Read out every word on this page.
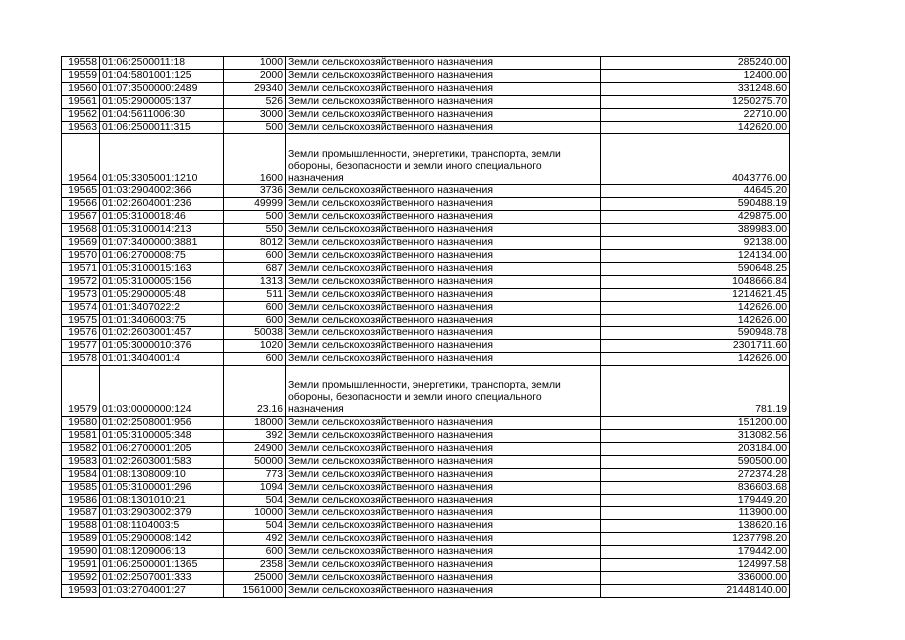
19558	01:06:2500011:18	1000	Земли сельскохозяйственного назначения	285240.00
19559	01:04:5801001:125	2000	Земли сельскохозяйственного назначения	12400.00
19560	01:07:3500000:2489	29340	Земли сельскохозяйственного назначения	331248.60
19561	01:05:2900005:137	526	Земли сельскохозяйственного назначения	1250275.70
19562	01:04:5611006:30	3000	Земли сельскохозяйственного назначения	22710.00
19563	01:06:2500011:315	500	Земли сельскохозяйственного назначения	142620.00
19564	01:05:3305001:1210	1600	Земли промышленности, энергетики, транспорта, земли обороны, безопасности и земли иного специального назначения	4043776.00
19565	01:03:2904002:366	3736	Земли сельскохозяйственного назначения	44645.20
19566	01:02:2604001:236	49999	Земли сельскохозяйственного назначения	590488.19
19567	01:05:3100018:46	500	Земли сельскохозяйственного назначения	429875.00
19568	01:05:3100014:213	550	Земли сельскохозяйственного назначения	389983.00
19569	01:07:3400000:3881	8012	Земли сельскохозяйственного назначения	92138.00
19570	01:06:2700008:75	600	Земли сельскохозяйственного назначения	124134.00
19571	01:05:3100015:163	687	Земли сельскохозяйственного назначения	590648.25
19572	01:05:3100005:156	1313	Земли сельскохозяйственного назначения	1048666.84
19573	01:05:2900005:48	511	Земли сельскохозяйственного назначения	1214621.45
19574	01:01:3407022:2	600	Земли сельскохозяйственного назначения	142626.00
19575	01:01:3406003:75	600	Земли сельскохозяйственного назначения	142626.00
19576	01:02:2603001:457	50038	Земли сельскохозяйственного назначения	590948.78
19577	01:05:3000010:376	1020	Земли сельскохозяйственного назначения	2301711.60
19578	01:01:3404001:4	600	Земли сельскохозяйственного назначения	142626.00
19579	01:03:0000000:124	23.16	Земли промышленности, энергетики, транспорта, земли обороны, безопасности и земли иного специального назначения	781.19
19580	01:02:2508001:956	18000	Земли сельскохозяйственного назначения	151200.00
19581	01:05:3100005:348	392	Земли сельскохозяйственного назначения	313082.56
19582	01:06:2700001:205	24900	Земли сельскохозяйственного назначения	203184.00
19583	01:02:2603001:583	50000	Земли сельскохозяйственного назначения	590500.00
19584	01:08:1308009:10	773	Земли сельскохозяйственного назначения	272374.28
19585	01:05:3100001:296	1094	Земли сельскохозяйственного назначения	836603.68
19586	01:08:1301010:21	504	Земли сельскохозяйственного назначения	179449.20
19587	01:03:2903002:379	10000	Земли сельскохозяйственного назначения	113900.00
19588	01:08:1104003:5	504	Земли сельскохозяйственного назначения	138620.16
19589	01:05:2900008:142	492	Земли сельскохозяйственного назначения	1237798.20
19590	01:08:1209006:13	600	Земли сельскохозяйственного назначения	179442.00
19591	01:06:2500001:1365	2358	Земли сельскохозяйственного назначения	124997.58
19592	01:02:2507001:333	25000	Земли сельскохозяйственного назначения	336000.00
19593	01:03:2704001:27	1561000	Земли сельскохозяйственного назначения	21448140.00
